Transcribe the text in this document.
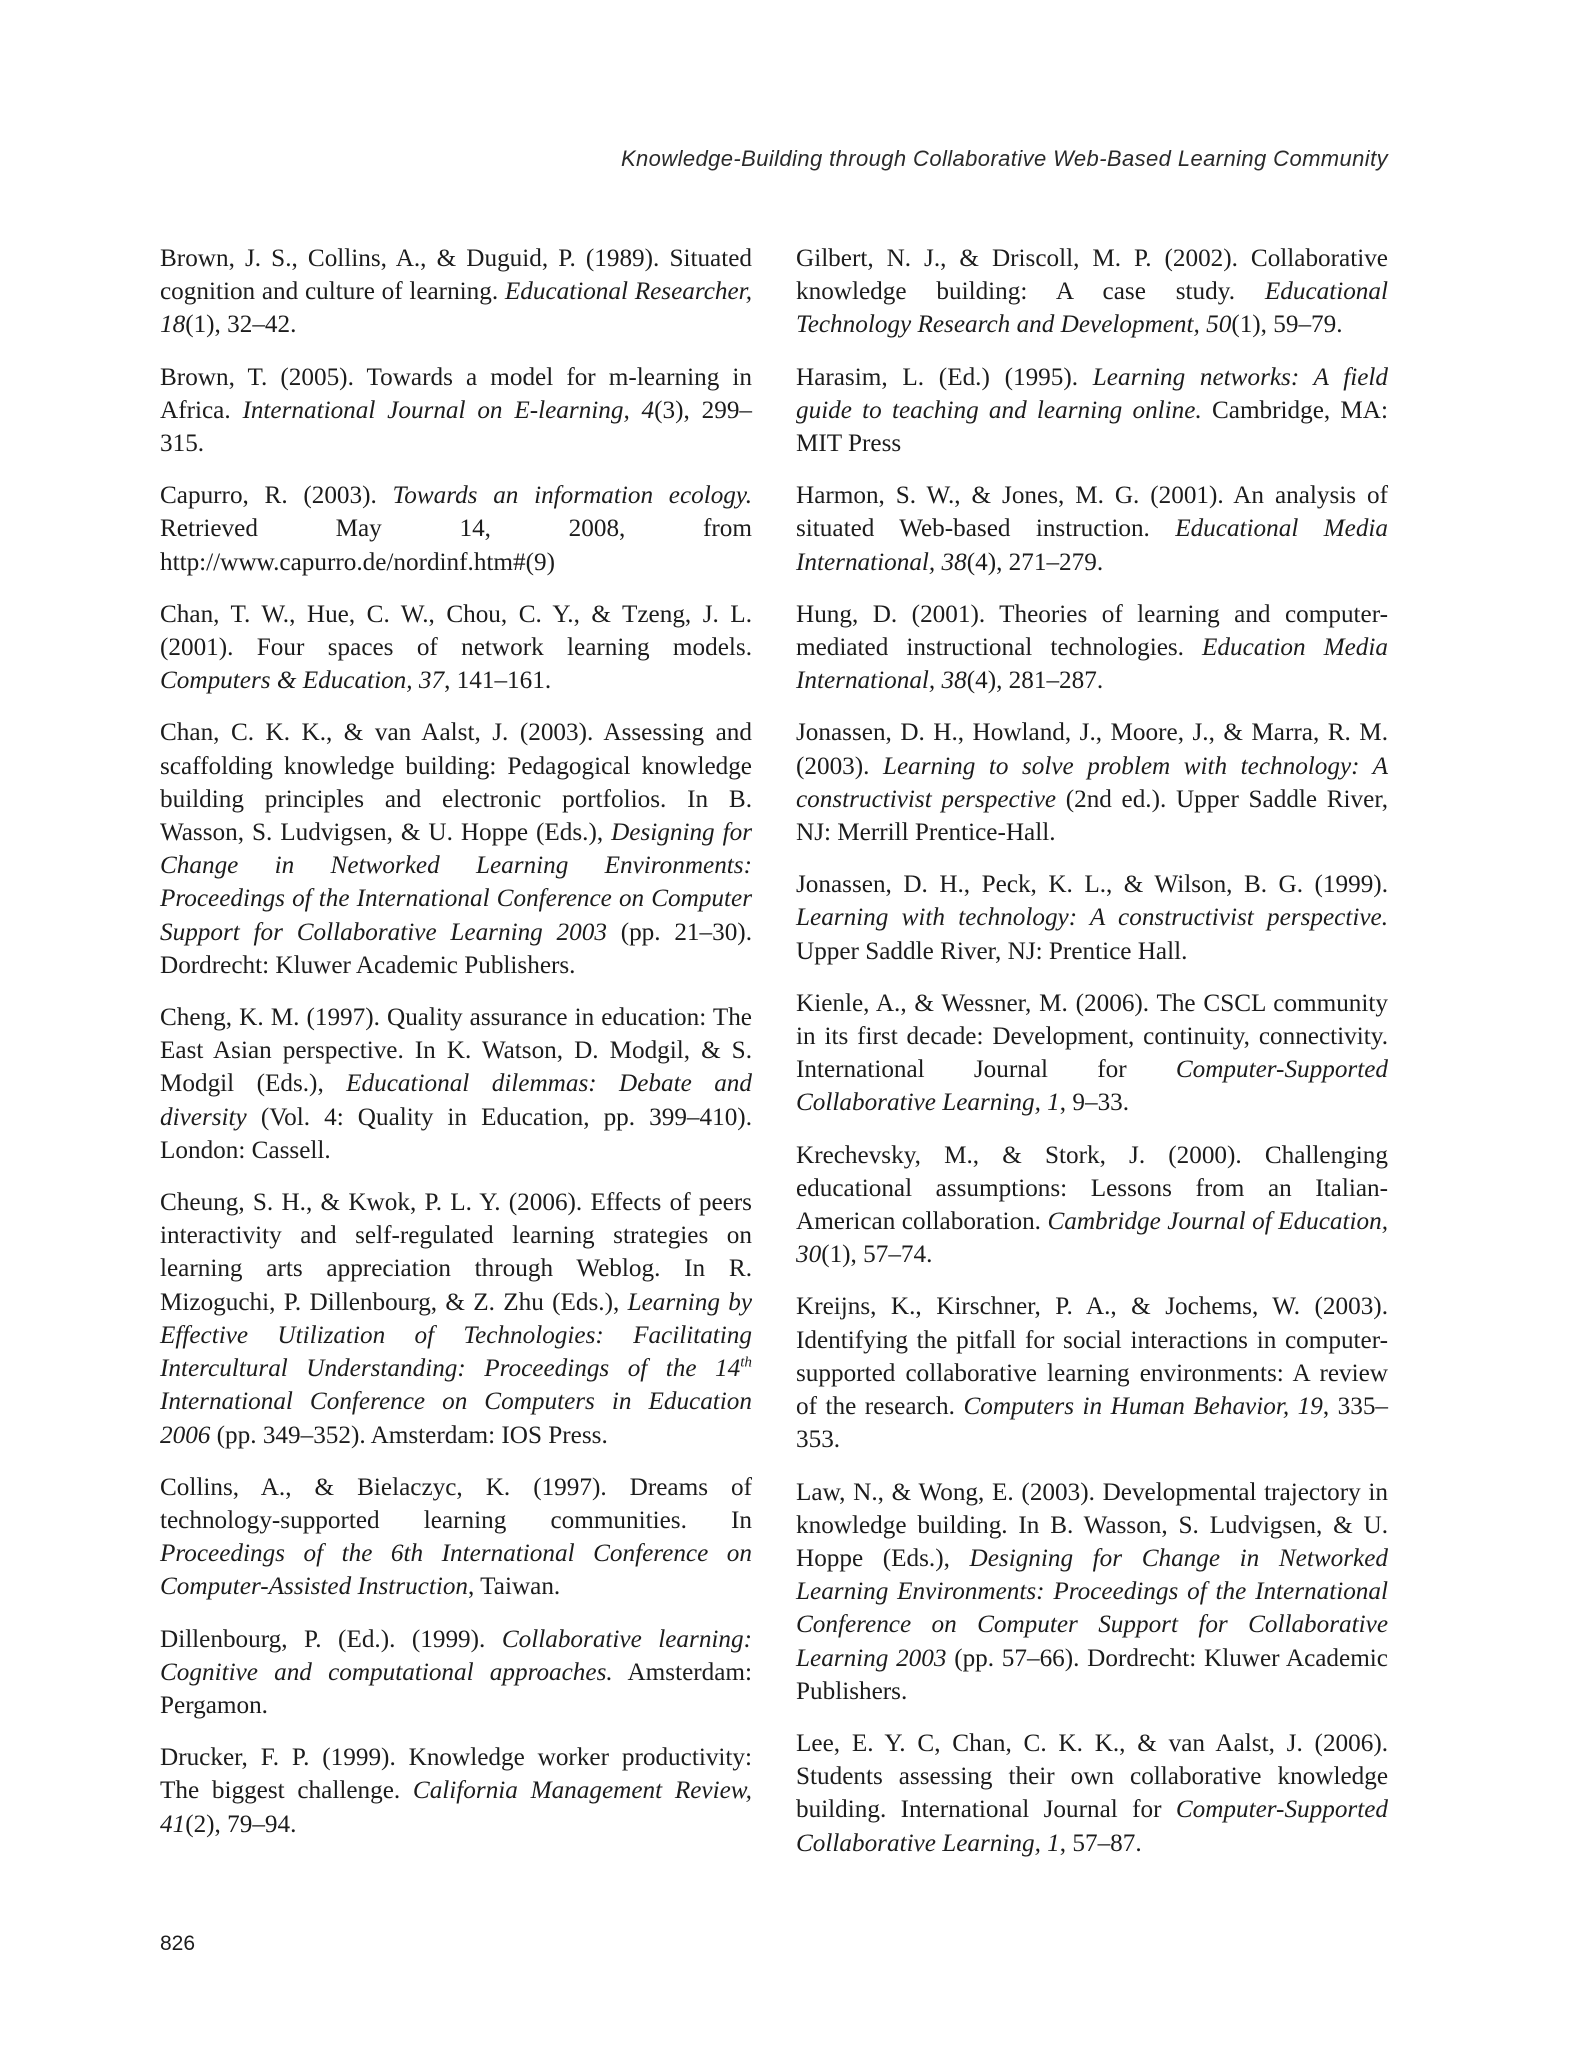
Knowledge-Building through Collaborative Web-Based Learning Community

Brown, J. S., Collins, A., & Duguid, P. (1989). Situated cognition and culture of learning. Educational Researcher, 18(1), 32–42.

Brown, T. (2005). Towards a model for m-learning in Africa. International Journal on E-learning, 4(3), 299–315.

Capurro, R. (2003). Towards an information ecology. Retrieved May 14, 2008, from http://www.capurro.de/nordinf.htm#(9)

Chan, T. W., Hue, C. W., Chou, C. Y., & Tzeng, J. L. (2001). Four spaces of network learning models. Computers & Education, 37, 141–161.

Chan, C. K. K., & van Aalst, J. (2003). Assessing and scaffolding knowledge building: Pedagogical knowledge building principles and electronic portfolios. In B. Wasson, S. Ludvigsen, & U. Hoppe (Eds.), Designing for Change in Networked Learning Environments: Proceedings of the International Conference on Computer Support for Collaborative Learning 2003 (pp. 21–30). Dordrecht: Kluwer Academic Publishers.

Cheng, K. M. (1997). Quality assurance in education: The East Asian perspective. In K. Watson, D. Modgil, & S. Modgil (Eds.), Educational dilemmas: Debate and diversity (Vol. 4: Quality in Education, pp. 399–410). London: Cassell.

Cheung, S. H., & Kwok, P. L. Y. (2006). Effects of peers interactivity and self-regulated learning strategies on learning arts appreciation through Weblog. In R. Mizoguchi, P. Dillenbourg, & Z. Zhu (Eds.), Learning by Effective Utilization of Technologies: Facilitating Intercultural Understanding: Proceedings of the 14th International Conference on Computers in Education 2006 (pp. 349–352). Amsterdam: IOS Press.

Collins, A., & Bielaczyc, K. (1997). Dreams of technology-supported learning communities. In Proceedings of the 6th International Conference on Computer-Assisted Instruction, Taiwan.

Dillenbourg, P. (Ed.). (1999). Collaborative learning: Cognitive and computational approaches. Amsterdam: Pergamon.

Drucker, F. P. (1999). Knowledge worker productivity: The biggest challenge. California Management Review, 41(2), 79–94.

Gilbert, N. J., & Driscoll, M. P. (2002). Collaborative knowledge building: A case study. Educational Technology Research and Development, 50(1), 59–79.

Harasim, L. (Ed.) (1995). Learning networks: A field guide to teaching and learning online. Cambridge, MA: MIT Press

Harmon, S. W., & Jones, M. G. (2001). An analysis of situated Web-based instruction. Educational Media International, 38(4), 271–279.

Hung, D. (2001). Theories of learning and computer-mediated instructional technologies. Education Media International, 38(4), 281–287.

Jonassen, D. H., Howland, J., Moore, J., & Marra, R. M. (2003). Learning to solve problem with technology: A constructivist perspective (2nd ed.). Upper Saddle River, NJ: Merrill Prentice-Hall.

Jonassen, D. H., Peck, K. L., & Wilson, B. G. (1999). Learning with technology: A constructivist perspective. Upper Saddle River, NJ: Prentice Hall.

Kienle, A., & Wessner, M. (2006). The CSCL community in its first decade: Development, continuity, connectivity. International Journal for Computer-Supported Collaborative Learning, 1, 9–33.

Krechevsky, M., & Stork, J. (2000). Challenging educational assumptions: Lessons from an Italian-American collaboration. Cambridge Journal of Education, 30(1), 57–74.

Kreijns, K., Kirschner, P. A., & Jochems, W. (2003). Identifying the pitfall for social interactions in computer-supported collaborative learning environments: A review of the research. Computers in Human Behavior, 19, 335–353.

Law, N., & Wong, E. (2003). Developmental trajectory in knowledge building. In B. Wasson, S. Ludvigsen, & U. Hoppe (Eds.), Designing for Change in Networked Learning Environments: Proceedings of the International Conference on Computer Support for Collaborative Learning 2003 (pp. 57–66). Dordrecht: Kluwer Academic Publishers.

Lee, E. Y. C, Chan, C. K. K., & van Aalst, J. (2006). Students assessing their own collaborative knowledge building. International Journal for Computer-Supported Collaborative Learning, 1, 57–87.

826
